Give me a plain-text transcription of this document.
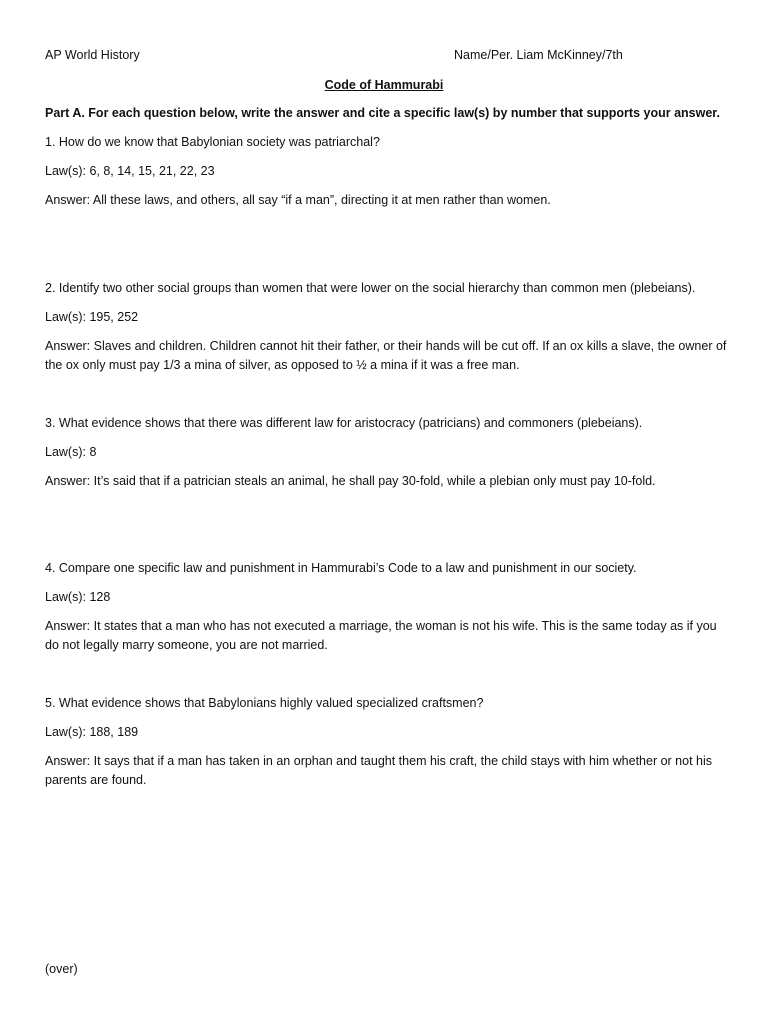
AP World History	Name/Per. Liam McKinney/7th
Code of Hammurabi
Part A. For each question below, write the answer and cite a specific law(s) by number that supports your answer.

1. How do we know that Babylonian society was patriarchal?

Law(s): 6, 8, 14, 15, 21, 22, 23

Answer: All these laws, and others, all say “if a man”, directing it at men rather than women.

2. Identify two other social groups than women that were lower on the social hierarchy than common men (plebeians).

Law(s): 195, 252

Answer: Slaves and children. Children cannot hit their father, or their hands will be cut off. If an ox kills a slave, the owner of the ox only must pay 1/3 a mina of silver, as opposed to ½ a mina if it was a free man.

3. What evidence shows that there was different law for aristocracy (patricians) and commoners (plebeians).

Law(s): 8

Answer: It’s said that if a patrician steals an animal, he shall pay 30-fold, while a plebian only must pay 10-fold.

4. Compare one specific law and punishment in Hammurabi’s Code to a law and punishment in our society.

Law(s): 128

Answer: It states that a man who has not executed a marriage, the woman is not his wife. This is the same today as if you do not legally marry someone, you are not married.

5. What evidence shows that Babylonians highly valued specialized craftsmen?

Law(s): 188, 189

Answer: It says that if a man has taken in an orphan and taught them his craft, the child stays with him whether or not his parents are found.

(over)
